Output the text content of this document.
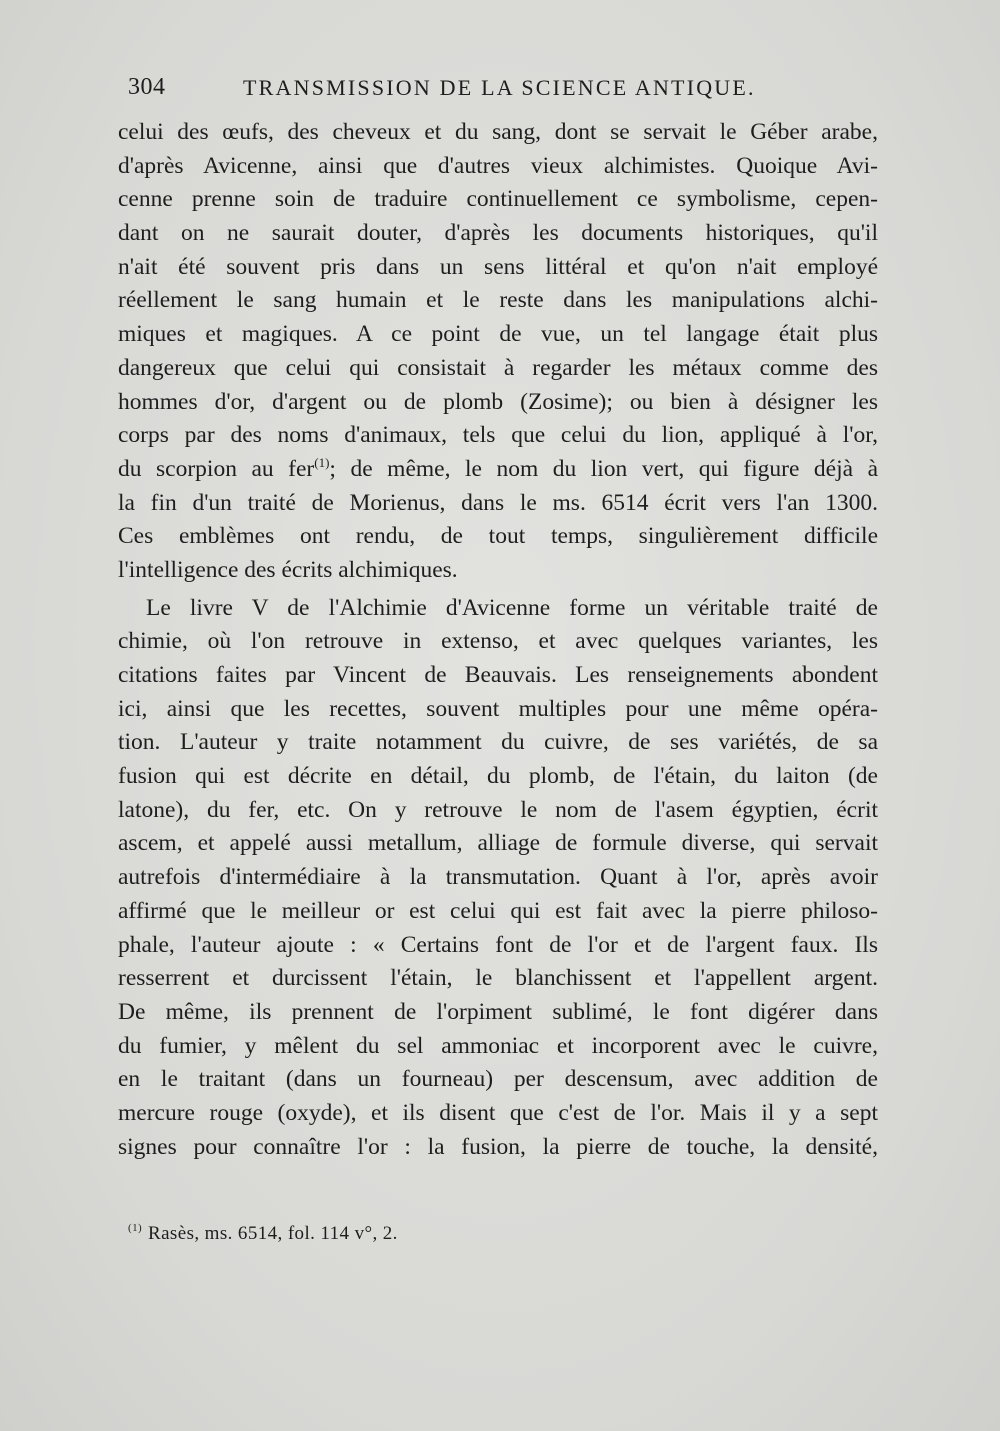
304	TRANSMISSION DE LA SCIENCE ANTIQUE.
celui des œufs, des cheveux et du sang, dont se servait le Géber arabe,
d'après Avicenne, ainsi que d'autres vieux alchimistes. Quoique Avi-
cenne prenne soin de traduire continuellement ce symbolisme, cepen-
dant on ne saurait douter, d'après les documents historiques, qu'il
n'ait été souvent pris dans un sens littéral et qu'on n'ait employé
réellement le sang humain et le reste dans les manipulations alchi-
miques et magiques. A ce point de vue, un tel langage était plus
dangereux que celui qui consistait à regarder les métaux comme des
hommes d'or, d'argent ou de plomb (Zosime); ou bien à désigner les
corps par des noms d'animaux, tels que celui du lion, appliqué à l'or,
du scorpion au fer$^{(1)}$; de même, le nom du lion vert, qui figure déjà à
la fin d'un traité de Morienus, dans le ms. 6514 écrit vers l'an 1300.
Ces emblèmes ont rendu, de tout temps, singulièrement difficile
l'intelligence des écrits alchimiques.
Le livre V de l'Alchimie d'Avicenne forme un véritable traité de
chimie, où l'on retrouve in extenso, et avec quelques variantes, les
citations faites par Vincent de Beauvais. Les renseignements abondent
ici, ainsi que les recettes, souvent multiples pour une même opéra-
tion. L'auteur y traite notamment du cuivre, de ses variétés, de sa
fusion qui est décrite en détail, du plomb, de l'étain, du laiton (de
latone), du fer, etc. On y retrouve le nom de l'asem égyptien, écrit
ascem, et appelé aussi metallum, alliage de formule diverse, qui servait
autrefois d'intermédiaire à la transmutation. Quant à l'or, après avoir
affirmé que le meilleur or est celui qui est fait avec la pierre philoso-
phale, l'auteur ajoute : « Certains font de l'or et de l'argent faux. Ils
resserrent et durcissent l'étain, le blanchissent et l'appellent argent.
De même, ils prennent de l'orpiment sublimé, le font digérer dans
du fumier, y mêlent du sel ammoniac et incorporent avec le cuivre,
en le traitant (dans un fourneau) per descensum, avec addition de
mercure rouge (oxyde), et ils disent que c'est de l'or. Mais il y a sept
signes pour connaître l'or : la fusion, la pierre de touche, la densité,
$^{(1)}$ Rasès, ms. 6514, fol. 114 v°, 2.
